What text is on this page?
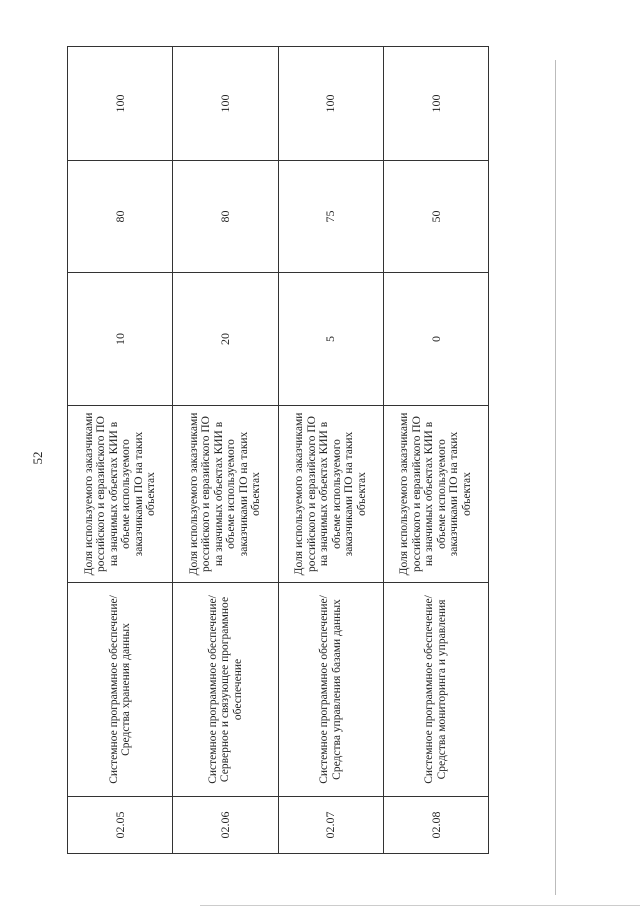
52
02.05	Системное программное обеспечение/Средства хранения данных	Доля используемого заказчиками российского и евразийского ПО на значимых объектах КИИ в объеме используемого заказчиками ПО на таких объектах	10	80	100
02.06	Системное программное обеспечение/Серверное и связующее программное обеспечение	Доля используемого заказчиками российского и евразийского ПО на значимых объектах КИИ в объеме используемого заказчиками ПО на таких объектах	20	80	100
02.07	Системное программное обеспечение/Средства управления базами данных	Доля используемого заказчиками российского и евразийского ПО на значимых объектах КИИ в объеме используемого заказчиками ПО на таких объектах	5	75	100
02.08	Системное программное обеспечение/Средства мониторинга и управления	Доля используемого заказчиками российского и евразийского ПО на значимых объектах КИИ в объеме используемого заказчиками ПО на таких объектах	0	50	100
